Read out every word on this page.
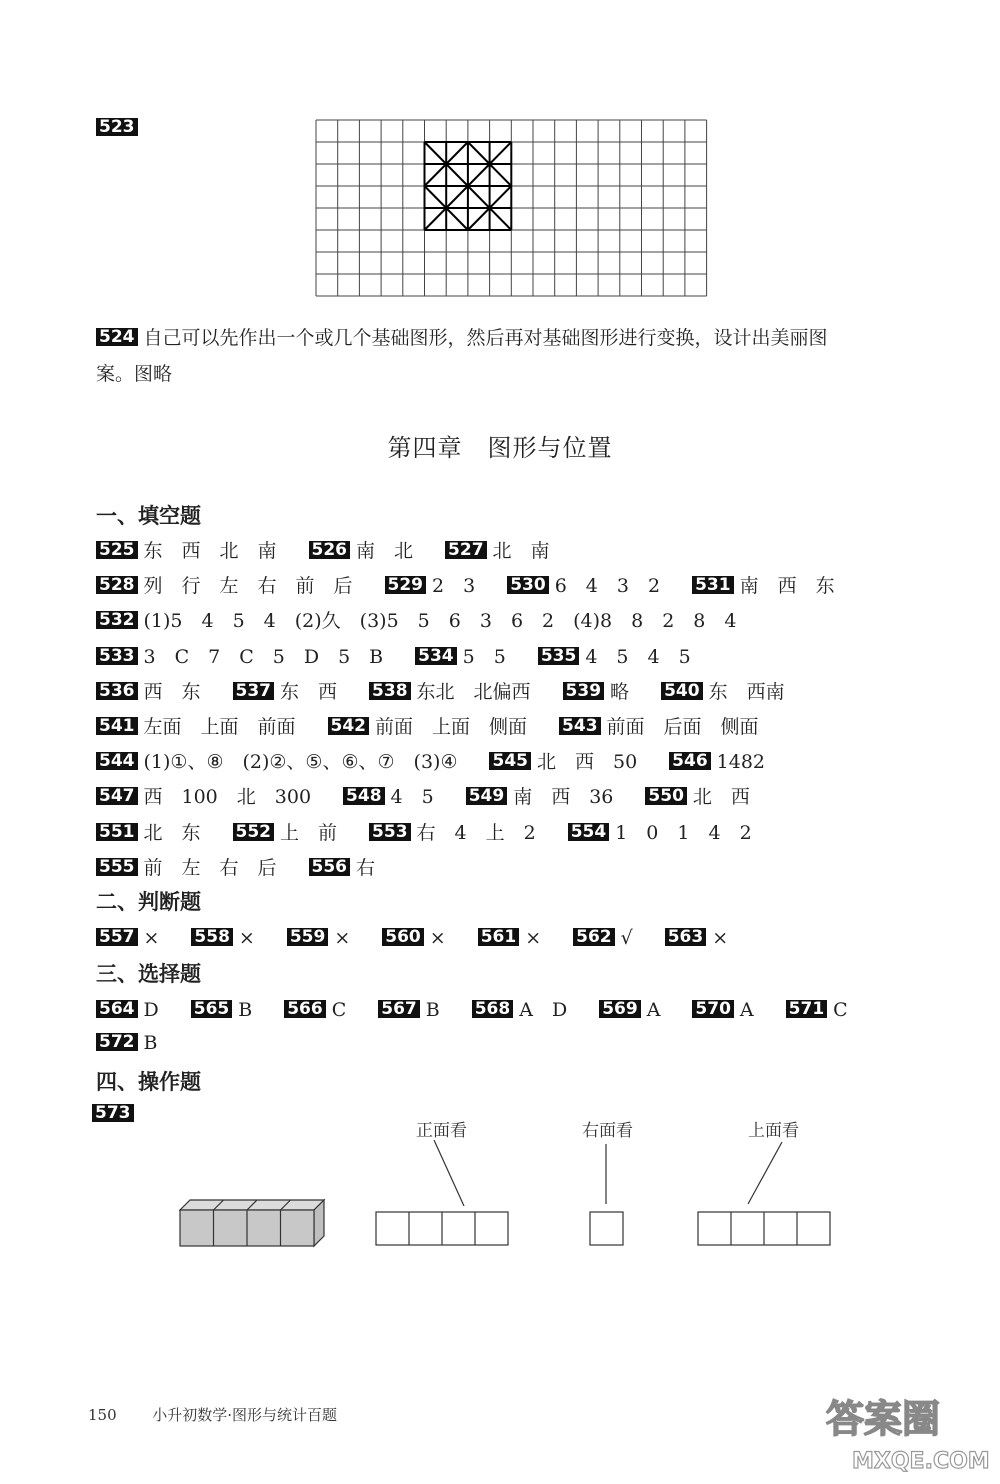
523
524 自己可以先作出一个或几个基础图形，然后再对基础图形进行变换，设计出美丽图
案。图略
第四章　图形与位置
一、填空题
525 东　西　北　南 526 南　北 527 北　南
528 列　行　左　右　前　后 529 2　3 530 6　4　3　2 531 南　西　东
532 (1)5　4　5　4　(2)久　(3)5　5　6　3　6　2　(4)8　8　2　8　4
533 3　C　7　C　5　D　5　B 534 5　5 535 4　5　4　5
536 西　东 537 东　西 538 东北　北偏西 539 略 540 东　西南
541 左面　上面　前面 542 前面　上面　侧面 543 前面　后面　侧面
544 (1)①、⑧　(2)②、⑤、⑥、⑦　(3)④ 545 北　西　50 546 1482
547 西　100　北　300 548 4　5 549 南　西　36 550 北　西
551 北　东 552 上　前 553 右　4　上　2 554 1　0　1　4　2
555 前　左　右　后 556 右
二、判断题
557 × 558 × 559 × 560 × 561 × 562 √ 563 ×
三、选择题
564 D 565 B 566 C 567 B 568 A　D 569 A 570 A 571 C
572 B
四、操作题
573
正面看	右面看	上面看
150 小升初数学·图形与统计百题	答案圈
MXQE.COM
